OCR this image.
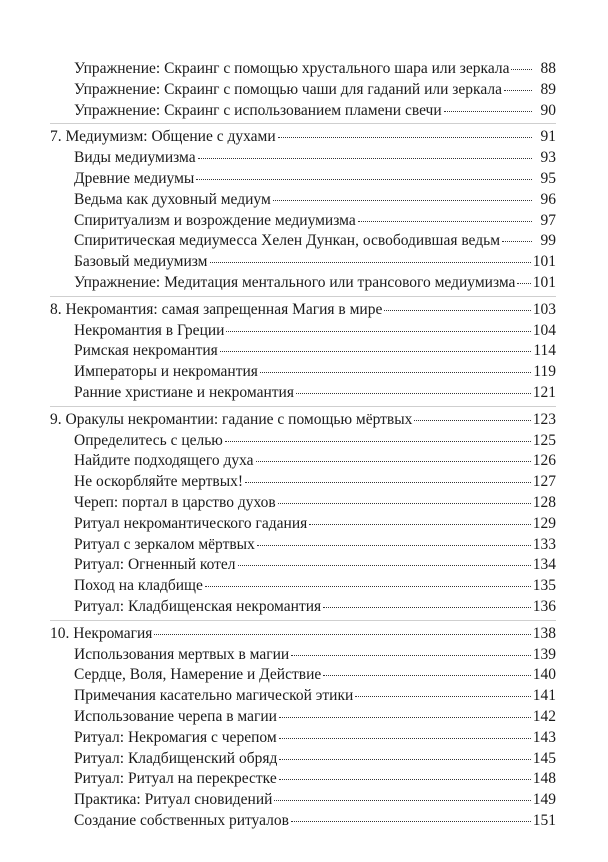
Упражнение: Скраинг с помощью хрустального шара или зеркала	88
Упражнение: Скраинг с помощью чаши для гаданий или зеркала	89
Упражнение: Скраинг с использованием пламени свечи	90
7. Медиумизм: Общение с духами	91
Виды медиумизма	93
Древние медиумы	95
Ведьма как духовный медиум	96
Спиритуализм и возрождение медиумизма	97
Спиритическая медиумесса Хелен Дункан, освободившая ведьм	99
Базовый медиумизм	101
Упражнение: Медитация ментального или трансового медиумизма 101
8. Некромантия: самая запрещенная Магия в мире	103
Некромантия в Греции	104
Римская некромантия	114
Императоры и некромантия	119
Ранние христиане и некромантия	121
9. Оракулы некромантии: гадание с помощью мёртвых	123
Определитесь с целью	125
Найдите подходящего духа	126
Не оскорбляйте мертвых!	127
Череп: портал в царство духов	128
Ритуал некромантического гадания	129
Ритуал с зеркалом мёртвых	133
Ритуал: Огненный котел	134
Поход на кладбище	135
Ритуал: Кладбищенская некромантия	136
10. Некромагия	138
Использования мертвых в магии	139
Сердце, Воля, Намерение и Действие	140
Примечания касательно магической этики	141
Использование черепа в магии	142
Ритуал: Некромагия с черепом	143
Ритуал: Кладбищенский обряд	145
Ритуал: Ритуал на перекрестке	148
Практика: Ритуал сновидений	149
Создание собственных ритуалов	151
